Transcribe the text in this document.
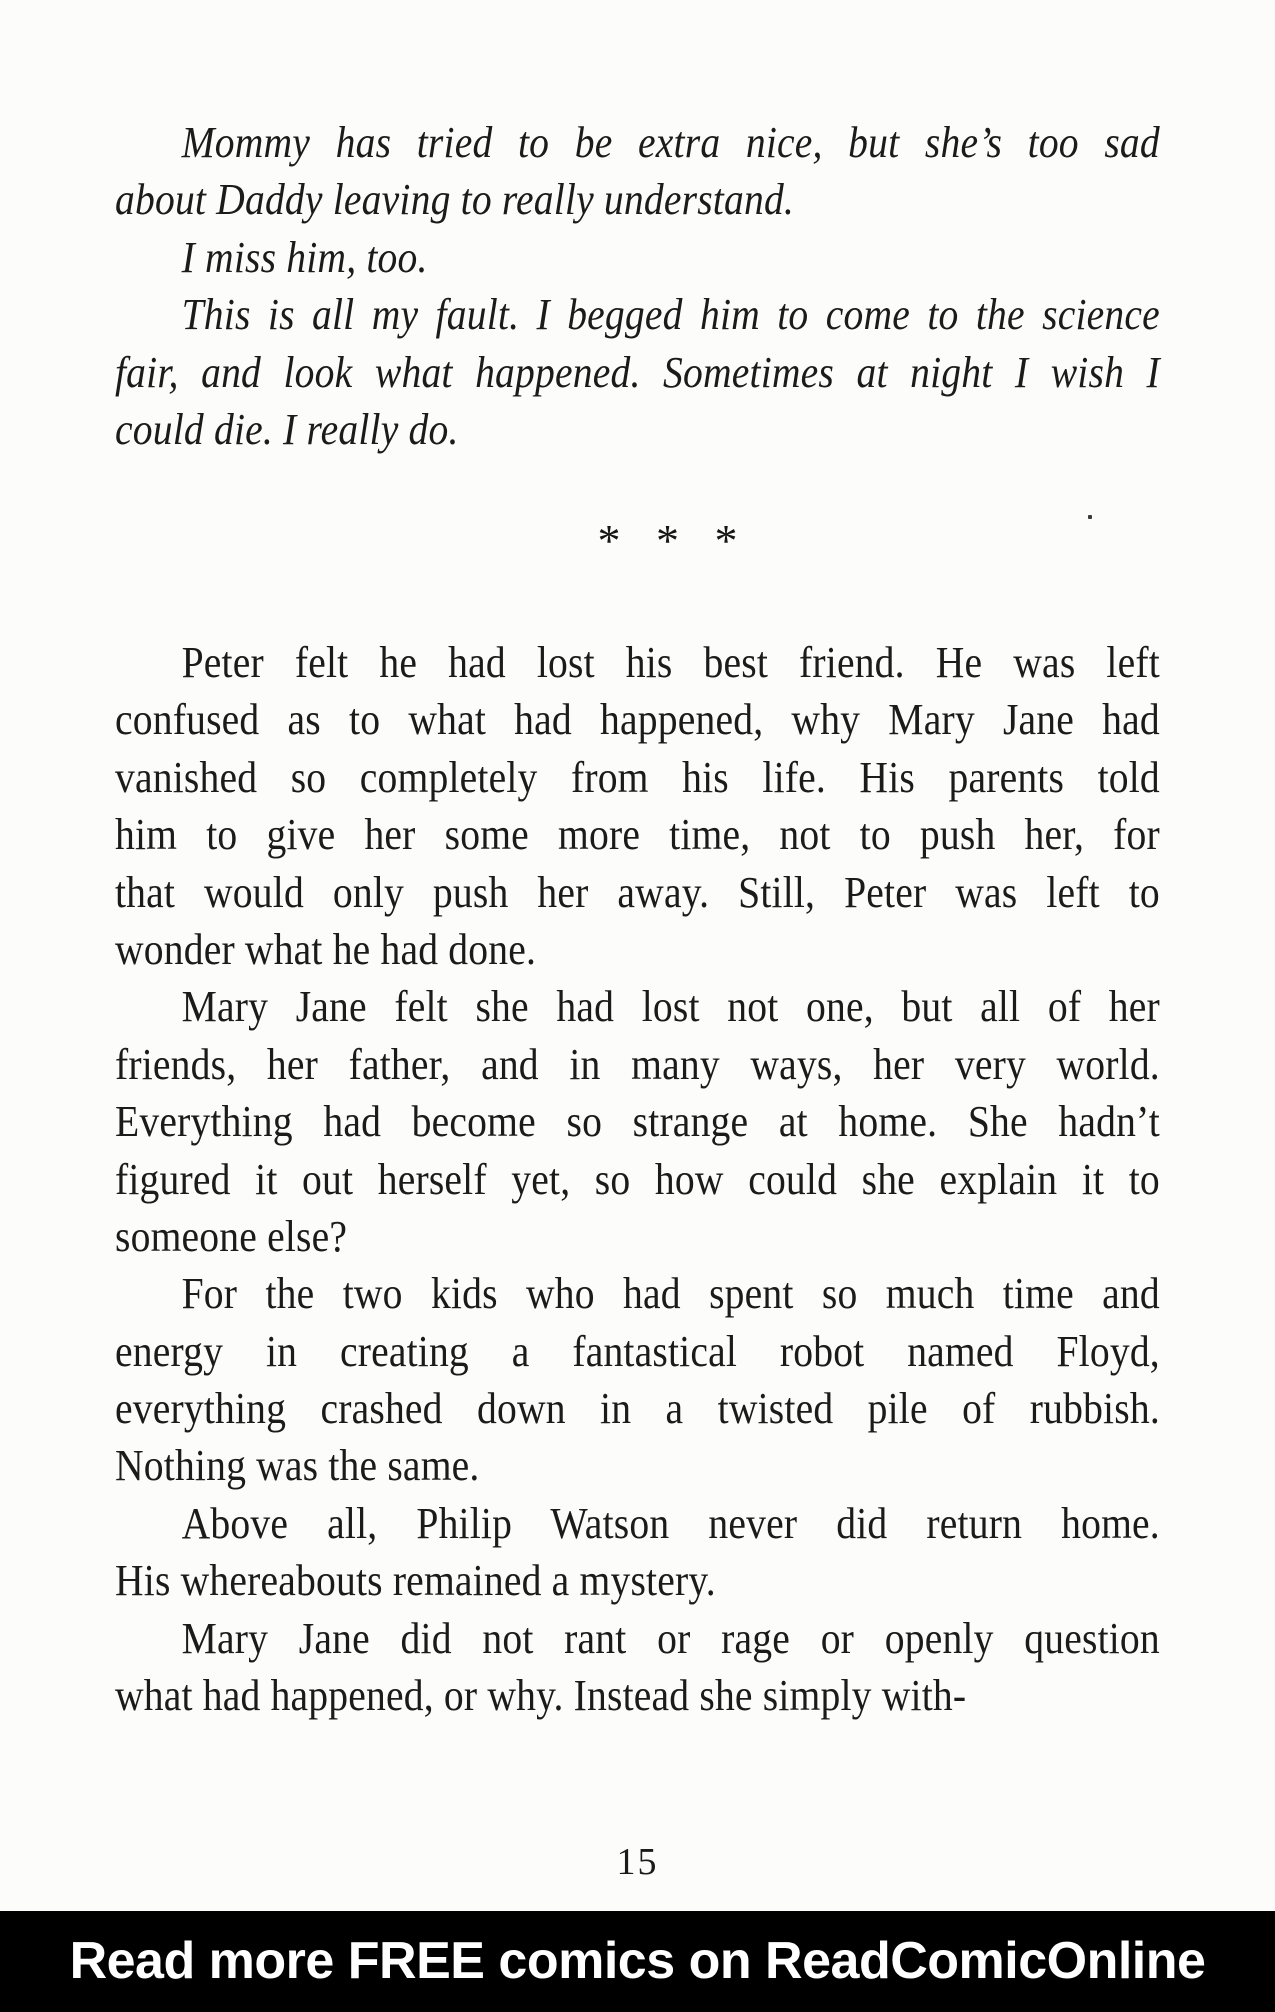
Mommy has tried to be extra nice, but she’s too sad
about Daddy leaving to really understand.
I miss him, too.
This is all my fault. I begged him to come to the science
fair, and look what happened. Sometimes at night I wish I
could die. I really do.
* * *
Peter felt he had lost his best friend. He was left
confused as to what had happened, why Mary Jane had
vanished so completely from his life. His parents told
him to give her some more time, not to push her, for
that would only push her away. Still, Peter was left to
wonder what he had done.
Mary Jane felt she had lost not one, but all of her
friends, her father, and in many ways, her very world.
Everything had become so strange at home. She hadn’t
figured it out herself yet, so how could she explain it to
someone else?
For the two kids who had spent so much time and
energy in creating a fantastical robot named Floyd,
everything crashed down in a twisted pile of rubbish.
Nothing was the same.
Above all, Philip Watson never did return home.
His whereabouts remained a mystery.
Mary Jane did not rant or rage or openly question
what had happened, or why. Instead she simply with-
15
Read more FREE comics on ReadComicOnline
